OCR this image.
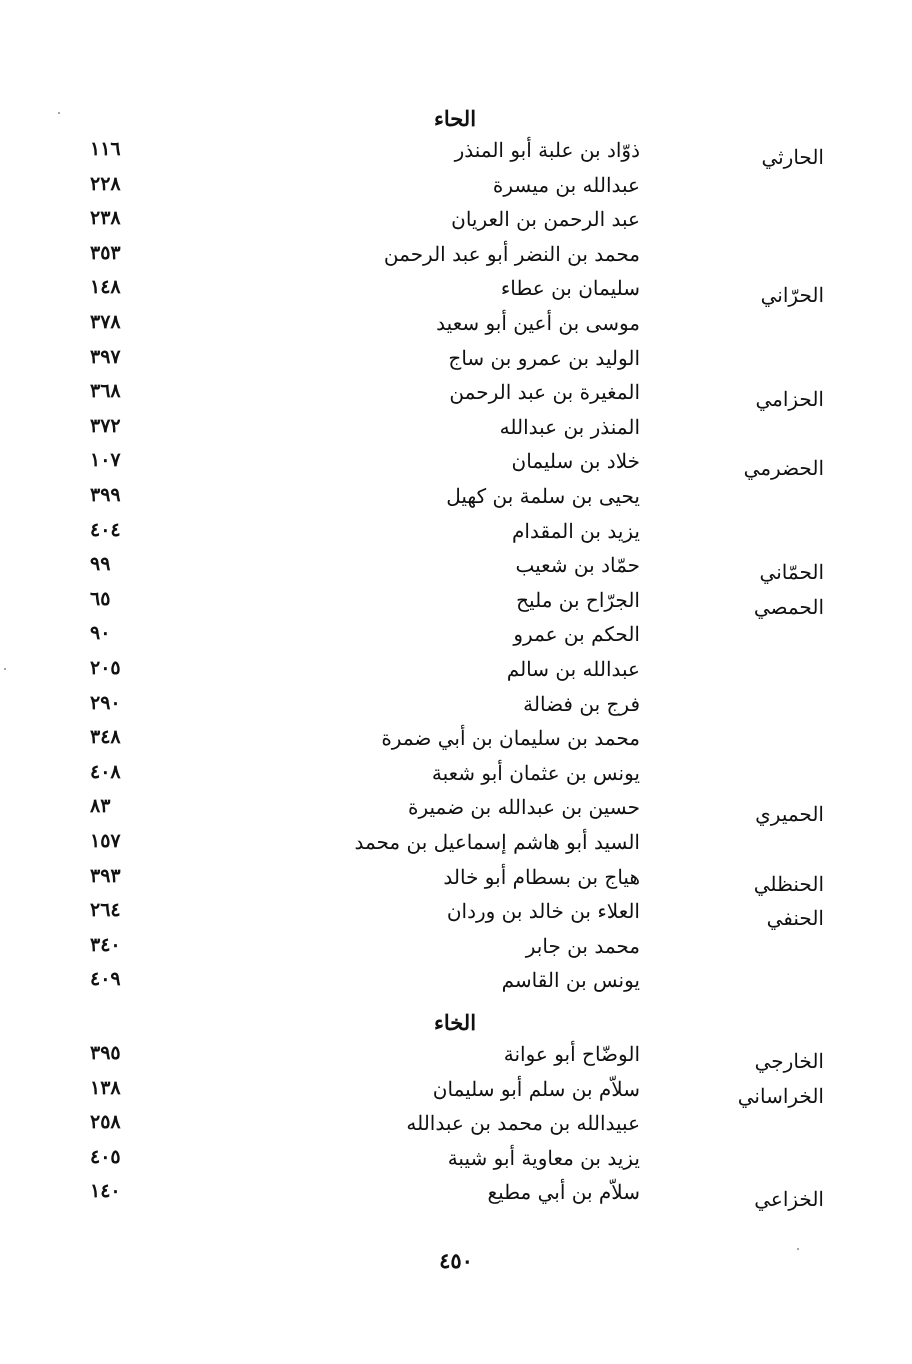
٤٥٠
الحاء
الحارثي
ذوّاد بن علبة أبو المنذر
١١٦
عبدالله بن ميسرة
٢٢٨
عبد الرحمن بن العريان
٢٣٨
محمد بن النضر أبو عبد الرحمن
٣٥٣
الحرّاني
سليمان بن عطاء
١٤٨
موسى بن أعين أبو سعيد
٣٧٨
الوليد بن عمرو بن ساج
٣٩٧
الحزامي
المغيرة بن عبد الرحمن
٣٦٨
المنذر بن عبدالله
٣٧٢
الحضرمي
خلاد بن سليمان
١٠٧
يحيى بن سلمة بن كهيل
٣٩٩
يزيد بن المقدام
٤٠٤
الحمّاني
حمّاد بن شعيب
٩٩
الحمصي
الجرّاح بن مليح
٦٥
الحكم بن عمرو
٩٠
عبدالله بن سالم
٢٠٥
فرج بن فضالة
٢٩٠
محمد بن سليمان بن أبي ضمرة
٣٤٨
يونس بن عثمان أبو شعبة
٤٠٨
الحميري
حسين بن عبدالله بن ضميرة
٨٣
السيد أبو هاشم إسماعيل بن محمد
١٥٧
الحنظلي
هياج بن بسطام أبو خالد
٣٩٣
الحنفي
العلاء بن خالد بن وردان
٢٦٤
محمد بن جابر
٣٤٠
يونس بن القاسم
٤٠٩
الخاء
الخارجي
الوضّاح أبو عوانة
٣٩٥
الخراساني
سلاّم بن سلم أبو سليمان
١٣٨
عبيدالله بن محمد بن عبدالله
٢٥٨
يزيد بن معاوية أبو شيبة
٤٠٥
الخزاعي
سلاّم بن أبي مطيع
١٤٠
